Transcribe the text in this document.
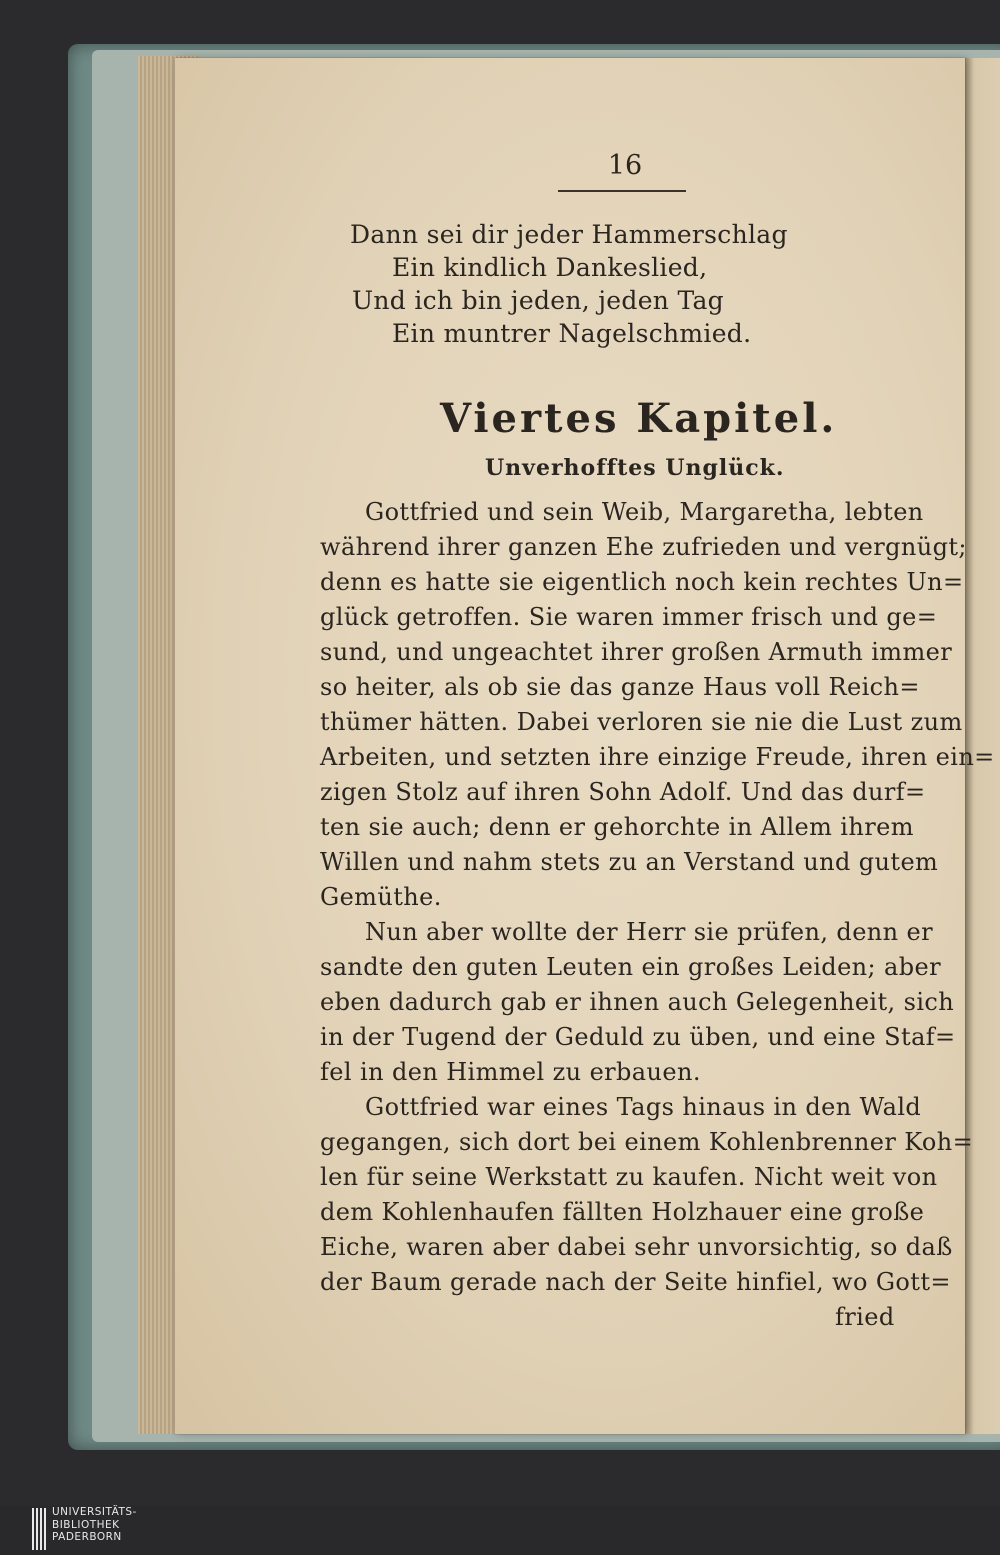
16
Dann sei dir jeder Hammerschlag
Ein kindlich Dankeslied,
Und ich bin jeden, jeden Tag
Ein muntrer Nagelschmied.
Viertes Kapitel.
Unverhofftes Unglück.
Gottfried und sein Weib, Margaretha, lebten
während ihrer ganzen Ehe zufrieden und vergnügt;
denn es hatte sie eigentlich noch kein rechtes Un=
glück getroffen. Sie waren immer frisch und ge=
sund, und ungeachtet ihrer großen Armuth immer
so heiter, als ob sie das ganze Haus voll Reich=
thümer hätten. Dabei verloren sie nie die Lust zum
Arbeiten, und setzten ihre einzige Freude, ihren ein=
zigen Stolz auf ihren Sohn Adolf. Und das durf=
ten sie auch; denn er gehorchte in Allem ihrem
Willen und nahm stets zu an Verstand und gutem
Gemüthe.
Nun aber wollte der Herr sie prüfen, denn er
sandte den guten Leuten ein großes Leiden; aber
eben dadurch gab er ihnen auch Gelegenheit, sich
in der Tugend der Geduld zu üben, und eine Staf=
fel in den Himmel zu erbauen.
Gottfried war eines Tags hinaus in den Wald
gegangen, sich dort bei einem Kohlenbrenner Koh=
len für seine Werkstatt zu kaufen. Nicht weit von
dem Kohlenhaufen fällten Holzhauer eine große
Eiche, waren aber dabei sehr unvorsichtig, so daß
der Baum gerade nach der Seite hinfiel, wo Gott=
fried
UNIVERSITÄTS-
BIBLIOTHEK
PADERBORN
